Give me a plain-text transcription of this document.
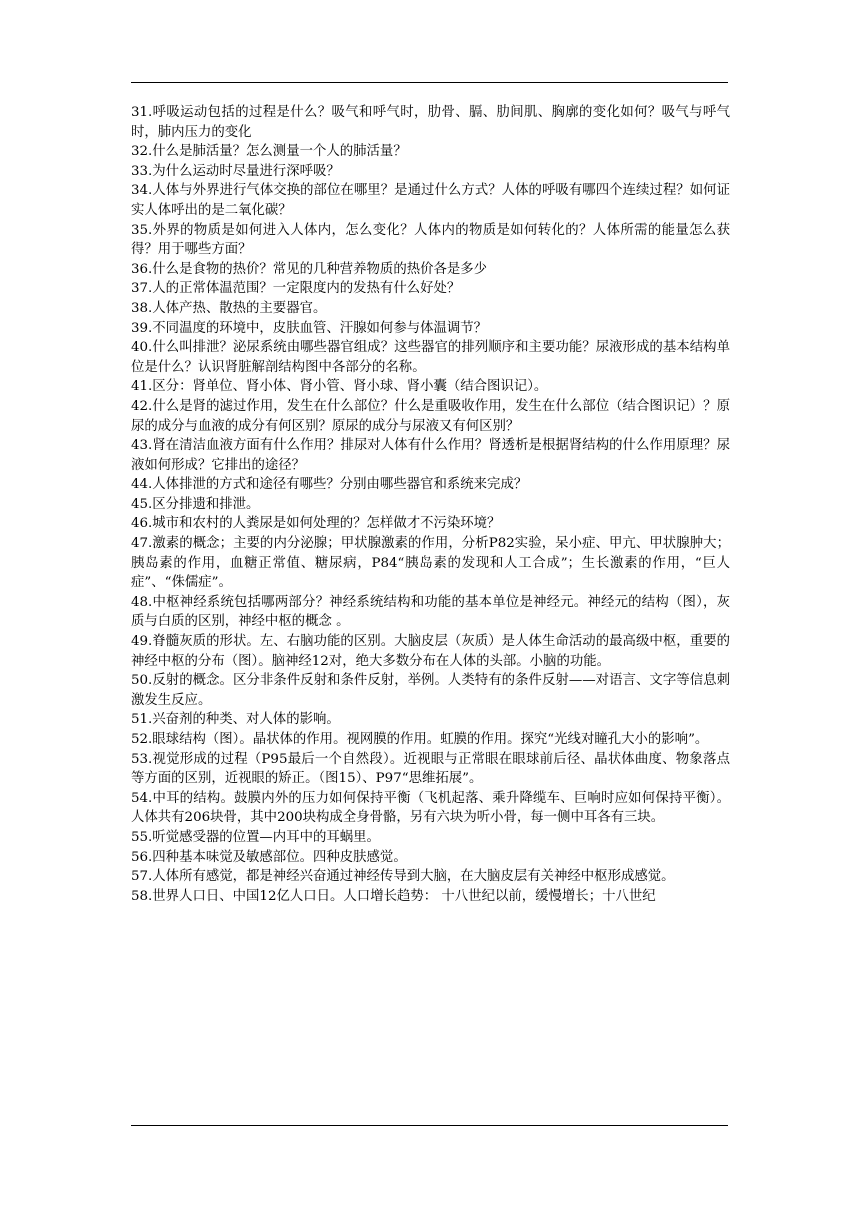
31.呼吸运动包括的过程是什么？吸气和呼气时，肋骨、膈、肋间肌、胸廓的变化如何？吸气与呼气时，肺内压力的变化

32.什么是肺活量？怎么测量一个人的肺活量？

33.为什么运动时尽量进行深呼吸？

34.人体与外界进行气体交换的部位在哪里？是通过什么方式？人体的呼吸有哪四个连续过程？如何证实人体呼出的是二氧化碳？

35.外界的物质是如何进入人体内，怎么变化？人体内的物质是如何转化的？人体所需的能量怎么获得？用于哪些方面？

36.什么是食物的热价？常见的几种营养物质的热价各是多少

37.人的正常体温范围？一定限度内的发热有什么好处？

38.人体产热、散热的主要器官。

39.不同温度的环境中，皮肤血管、汗腺如何参与体温调节？

40.什么叫排泄？泌尿系统由哪些器官组成？这些器官的排列顺序和主要功能？尿液形成的基本结构单位是什么？认识肾脏解剖结构图中各部分的名称。

41.区分：肾单位、肾小体、肾小管、肾小球、肾小囊（结合图识记）。

42.什么是肾的滤过作用，发生在什么部位？什么是重吸收作用，发生在什么部位（结合图识记）？原尿的成分与血液的成分有何区别？原尿的成分与尿液又有何区别？

43.肾在清洁血液方面有什么作用？排尿对人体有什么作用？肾透析是根据肾结构的什么作用原理？尿液如何形成？它排出的途径？

44.人体排泄的方式和途径有哪些？分别由哪些器官和系统来完成？

45.区分排遗和排泄。

46.城市和农村的人粪尿是如何处理的？怎样做才不污染环境？

47.激素的概念；主要的内分泌腺；甲状腺激素的作用，分析P82实验，呆小症、甲亢、甲状腺肿大；胰岛素的作用，血糖正常值、糖尿病，P84“胰岛素的发现和人工合成”；生长激素的作用，“巨人症”、“侏儒症”。

48.中枢神经系统包括哪两部分？神经系统结构和功能的基本单位是神经元。神经元的结构（图），灰质与白质的区别，神经中枢的概念 。

49.脊髓灰质的形状。左、右脑功能的区别。大脑皮层（灰质）是人体生命活动的最高级中枢，重要的神经中枢的分布（图）。脑神经12对，绝大多数分布在人体的头部。小脑的功能。

50.反射的概念。区分非条件反射和条件反射，举例。人类特有的条件反射——对语言、文字等信息刺激发生反应。

51.兴奋剂的种类、对人体的影响。

52.眼球结构（图）。晶状体的作用。视网膜的作用。虹膜的作用。探究“光线对瞳孔大小的影响”。

53.视觉形成的过程（P95最后一个自然段）。近视眼与正常眼在眼球前后径、晶状体曲度、物象落点等方面的区别，近视眼的矫正。（图15）、P97“思维拓展”。

54.中耳的结构。鼓膜内外的压力如何保持平衡（飞机起落、乘升降缆车、巨响时应如何保持平衡）。人体共有206块骨，其中200块构成全身骨骼，另有六块为听小骨，每一侧中耳各有三块。

55.听觉感受器的位置—内耳中的耳蜗里。

56.四种基本味觉及敏感部位。四种皮肤感觉。

57.人体所有感觉，都是神经兴奋通过神经传导到大脑，在大脑皮层有关神经中枢形成感觉。

58.世界人口日、中国12亿人口日。人口增长趋势： 十八世纪以前，缓慢增长；十八世纪
